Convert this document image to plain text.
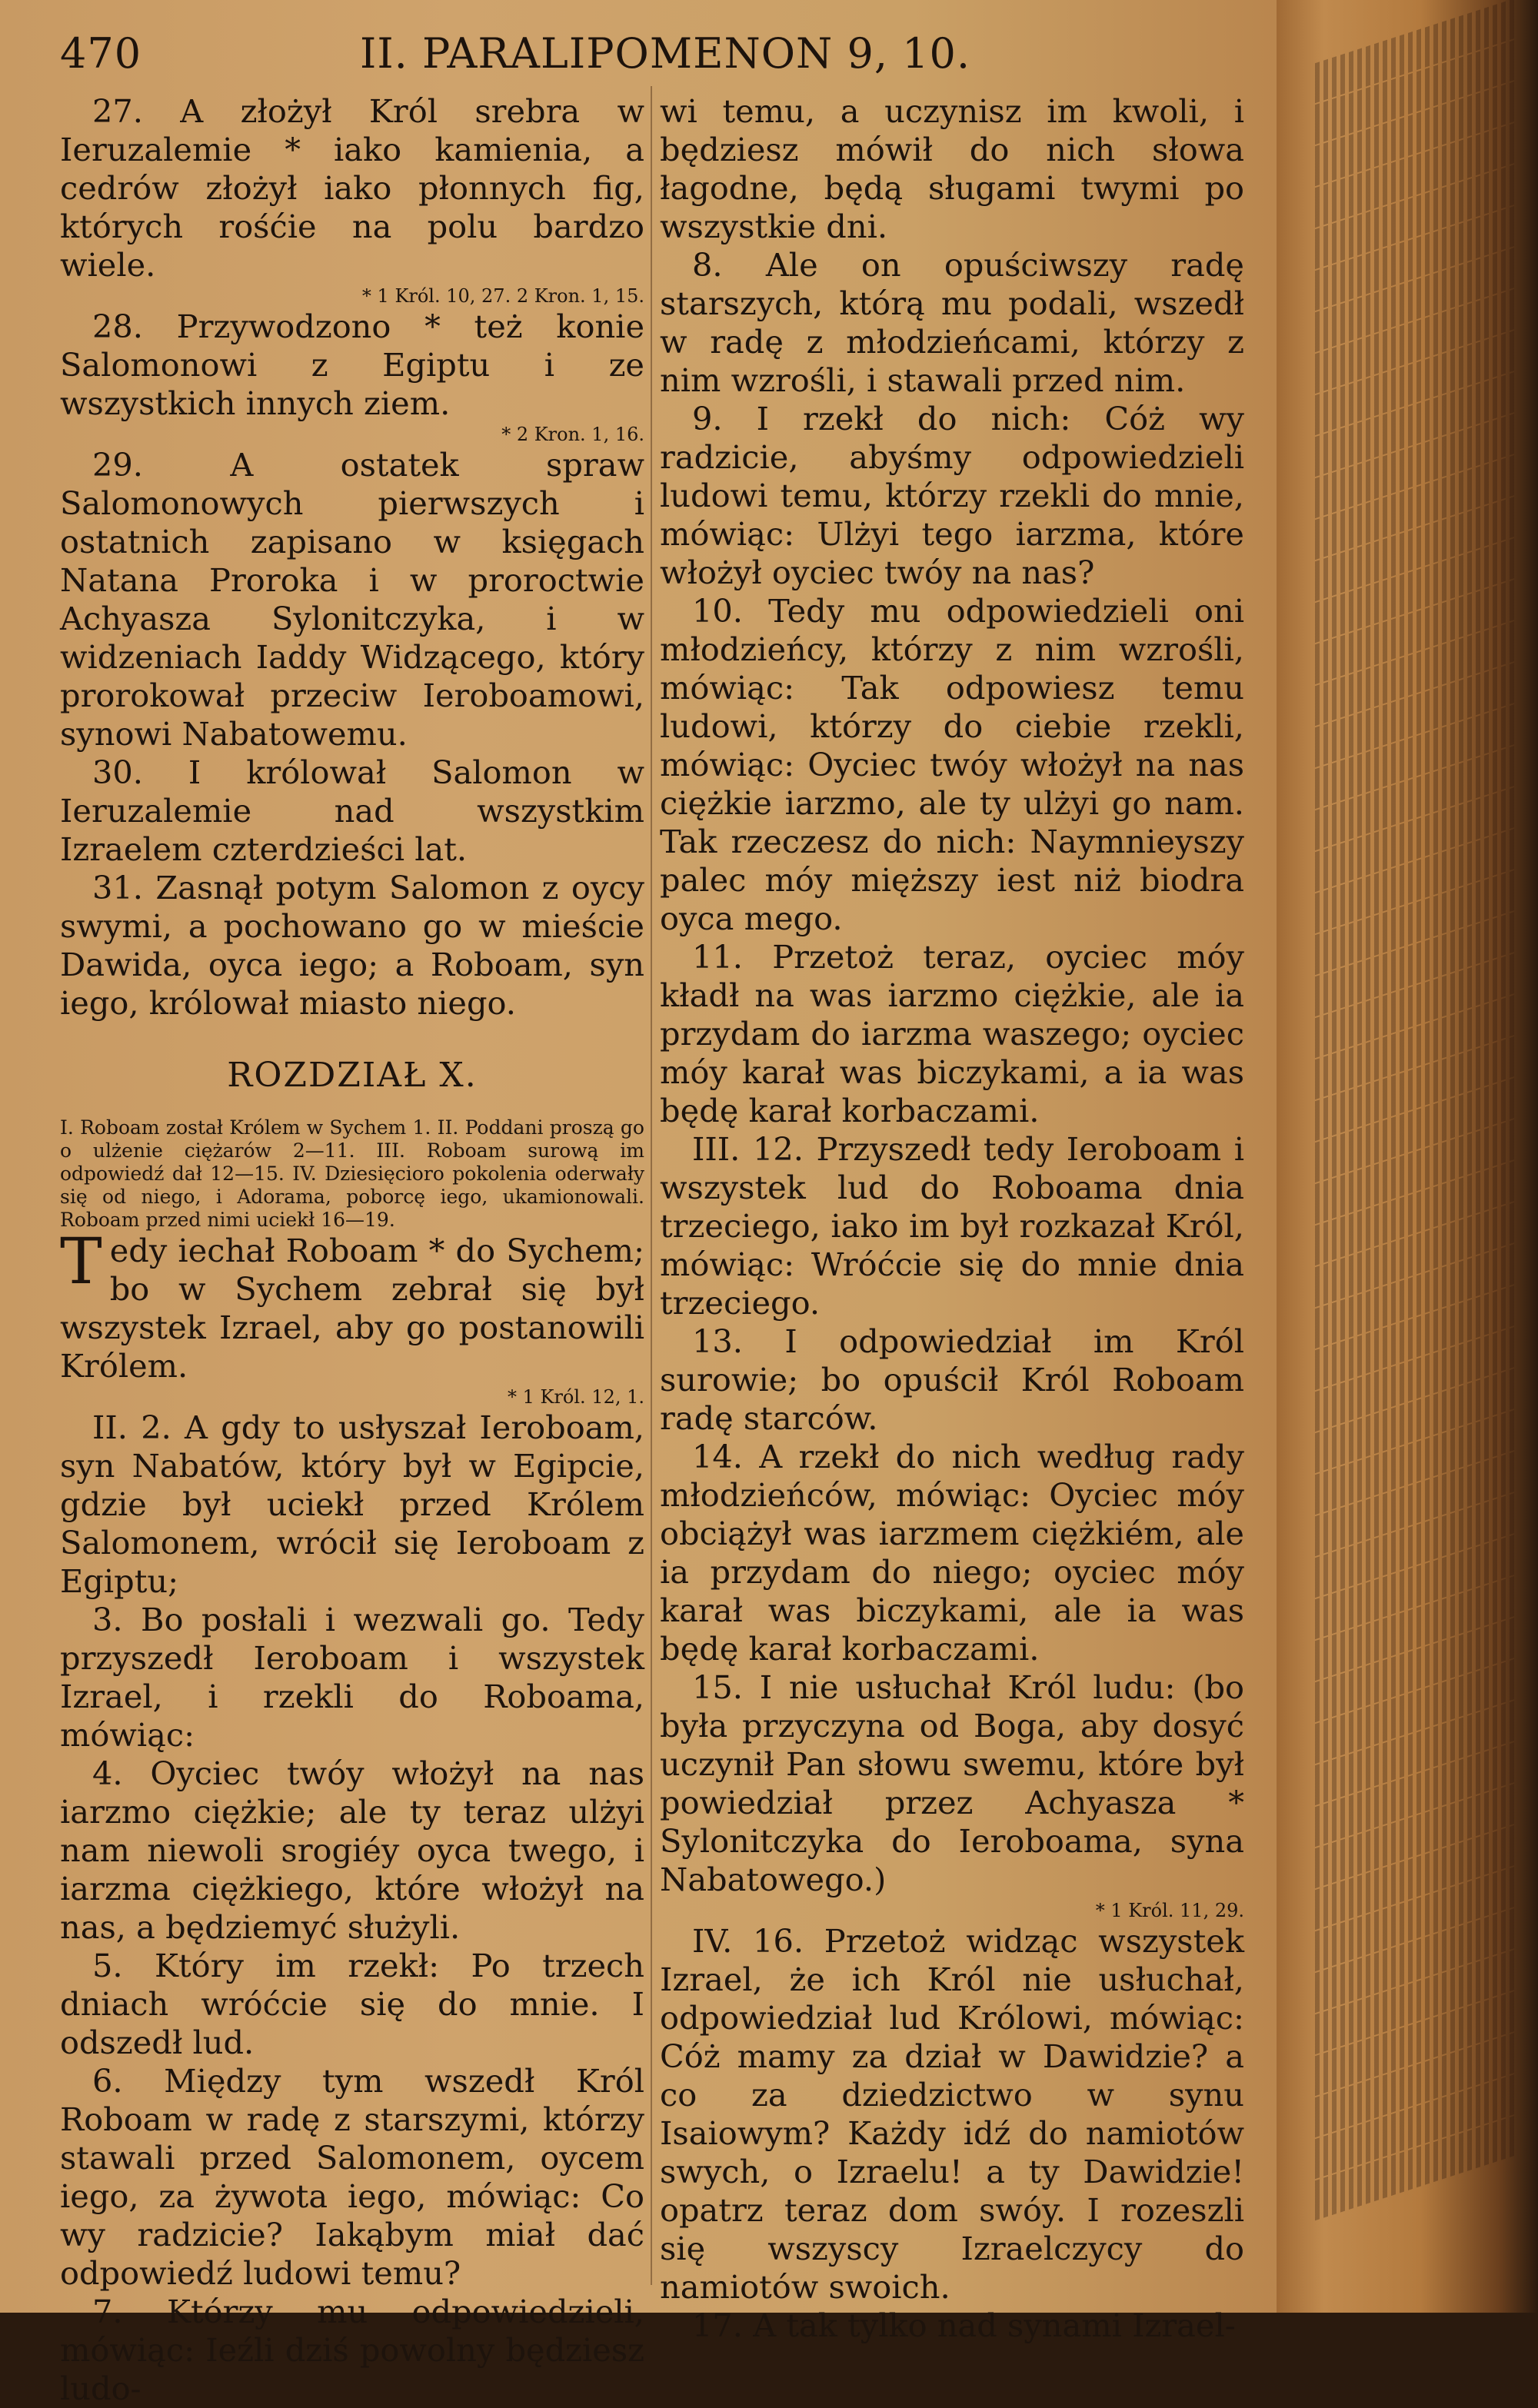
470	II. PARALIPOMENON 9, 10.

27. A złożył Król srebra w Ieruzalemie * iako kamienia, a cedrów złożył iako płonnych fig, których rośćie na polu bardzo wiele.

* 1 Król. 10, 27. 2 Kron. 1, 15.

28. Przywodzono * też konie Salomonowi z Egiptu i ze wszystkich innych ziem.

* 2 Kron. 1, 16.

29. A ostatek spraw Salomonowych pierwszych i ostatnich zapisano w księgach Natana Proroka i w proroctwie Achyasza Sylonitczyka, i w widzeniach Iaddy Widzącego, który prorokował przeciw Ieroboamowi, synowi Nabatowemu.

30. I królował Salomon w Ieruzalemie nad wszystkim Izraelem czterdzieści lat.

31. Zasnął potym Salomon z oycy swymi, a pochowano go w mieście Dawida, oyca iego; a Roboam, syn iego, królował miasto niego.

ROZDZIAŁ X.

I. Roboam został Królem w Sychem 1. II. Poddani proszą go o ulżenie ciężarów 2—11. III. Roboam surową im odpowiedź dał 12—15. IV. Dziesięcioro pokolenia oderwały się od niego, i Adorama, poborcę iego, ukamionowali. Roboam przed nimi uciekł 16—19.

Tedy iechał Roboam * do Sychem; bo w Sychem zebrał się był wszystek Izrael, aby go postanowili Królem.

* 1 Król. 12, 1.

II. 2. A gdy to usłyszał Ieroboam, syn Nabatów, który był w Egipcie, gdzie był uciekł przed Królem Salomonem, wrócił się Ieroboam z Egiptu;

3. Bo posłali i wezwali go. Tedy przyszedł Ieroboam i wszystek Izrael, i rzekli do Roboama, mówiąc:

4. Oyciec twóy włożył na nas iarzmo ciężkie; ale ty teraz ulżyi nam niewoli srogiéy oyca twego, i iarzma ciężkiego, które włożył na nas, a będziemyć służyli.

5. Który im rzekł: Po trzech dniach wróćcie się do mnie. I odszedł lud.

6. Między tym wszedł Król Roboam w radę z starszymi, którzy stawali przed Salomonem, oycem iego, za żywota iego, mówiąc: Co wy radzicie? Iakąbym miał dać odpowiedź ludowi temu?

7. Którzy mu odpowiedzieli, mówiąc: Ieźli dziś powolny będziesz ludo-

wi temu, a uczynisz im kwoli, i będziesz mówił do nich słowa łagodne, będą sługami twymi po wszystkie dni.

8. Ale on opuściwszy radę starszych, którą mu podali, wszedł w radę z młodzieńcami, którzy z nim wzrośli, i stawali przed nim.

9. I rzekł do nich: Cóż wy radzicie, abyśmy odpowiedzieli ludowi temu, którzy rzekli do mnie, mówiąc: Ulżyi tego iarzma, które włożył oyciec twóy na nas?

10. Tedy mu odpowiedzieli oni młodzieńcy, którzy z nim wzrośli, mówiąc: Tak odpowiesz temu ludowi, którzy do ciebie rzekli, mówiąc: Oyciec twóy włożył na nas ciężkie iarzmo, ale ty ulżyi go nam. Tak rzeczesz do nich: Naymnieyszy palec móy mięższy iest niż biodra oyca mego.

11. Przetoż teraz, oyciec móy kładł na was iarzmo ciężkie, ale ia przydam do iarzma waszego; oyciec móy karał was biczykami, a ia was będę karał korbaczami.

III. 12. Przyszedł tedy Ieroboam i wszystek lud do Roboama dnia trzeciego, iako im był rozkazał Król, mówiąc: Wróćcie się do mnie dnia trzeciego.

13. I odpowiedział im Król surowie; bo opuścił Król Roboam radę starców.

14. A rzekł do nich według rady młodzieńców, mówiąc: Oyciec móy obciążył was iarzmem ciężkiém, ale ia przydam do niego; oyciec móy karał was biczykami, ale ia was będę karał korbaczami.

15. I nie usłuchał Król ludu: (bo była przyczyna od Boga, aby dosyć uczynił Pan słowu swemu, które był powiedział przez Achyasza * Sylonitczyka do Ieroboama, syna Nabatowego.)

* 1 Król. 11, 29.

IV. 16. Przetoż widząc wszystek Izrael, że ich Król nie usłuchał, odpowiedział lud Królowi, mówiąc: Cóż mamy za dział w Dawidzie? a co za dziedzictwo w synu Isaiowym? Każdy idź do namiotów swych, o Izraelu! a ty Dawidzie! opatrz teraz dom swóy. I rozeszli się wszyscy Izraelczycy do namiotów swoich.

17. A tak tylko nad synami Izrael-
